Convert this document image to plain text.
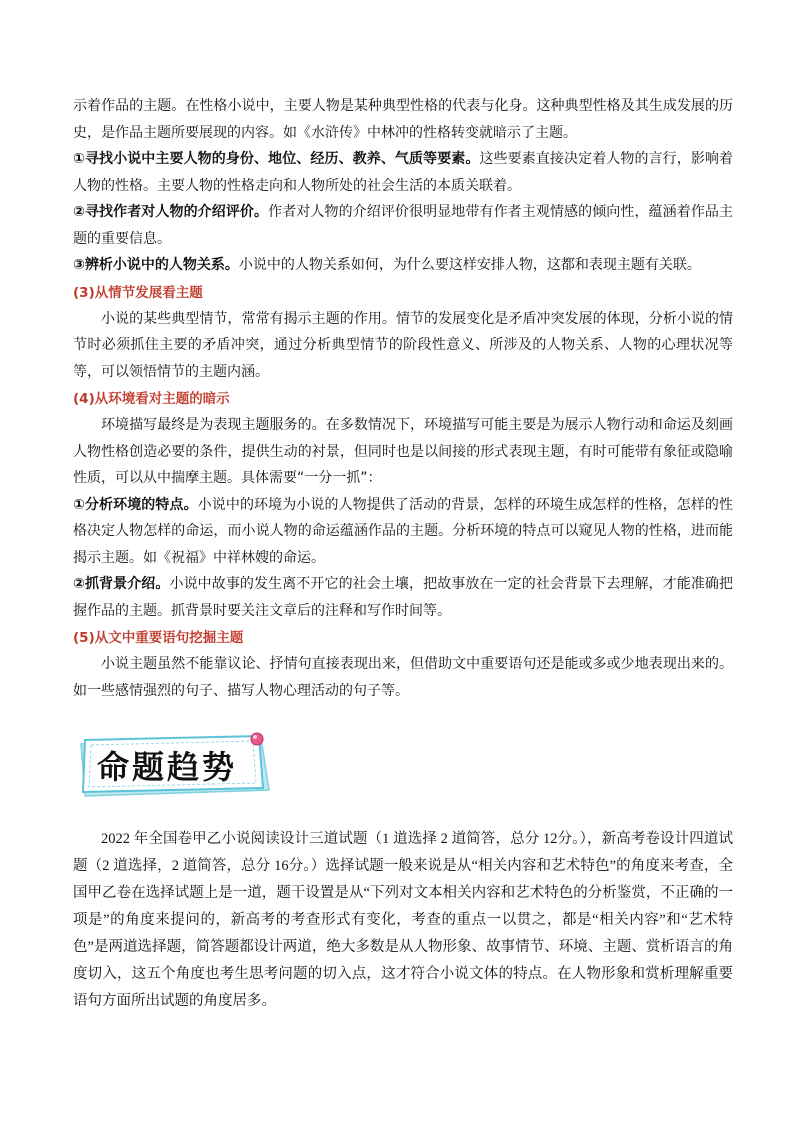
示着作品的主题。在性格小说中，主要人物是某种典型性格的代表与化身。这种典型性格及其生成发展的历史，是作品主题所要展现的内容。如《水浒传》中林冲的性格转变就暗示了主题。

①寻找小说中主要人物的身份、地位、经历、教养、气质等要素。这些要素直接决定着人物的言行，影响着人物的性格。主要人物的性格走向和人物所处的社会生活的本质关联着。

②寻找作者对人物的介绍评价。作者对人物的介绍评价很明显地带有作者主观情感的倾向性，蕴涵着作品主题的重要信息。

③辨析小说中的人物关系。小说中的人物关系如何，为什么要这样安排人物，这都和表现主题有关联。

(3)从情节发展看主题

小说的某些典型情节，常常有揭示主题的作用。情节的发展变化是矛盾冲突发展的体现，分析小说的情节时必须抓住主要的矛盾冲突，通过分析典型情节的阶段性意义、所涉及的人物关系、人物的心理状况等等，可以领悟情节的主题内涵。

(4)从环境看对主题的暗示

环境描写最终是为表现主题服务的。在多数情况下，环境描写可能主要是为展示人物行动和命运及刻画人物性格创造必要的条件，提供生动的衬景，但同时也是以间接的形式表现主题，有时可能带有象征或隐喻性质，可以从中揣摩主题。具体需要“一分一抓”：

①分析环境的特点。小说中的环境为小说的人物提供了活动的背景，怎样的环境生成怎样的性格，怎样的性格决定人物怎样的命运，而小说人物的命运蕴涵作品的主题。分析环境的特点可以窥见人物的性格，进而能揭示主题。如《祝福》中祥林嫂的命运。

②抓背景介绍。小说中故事的发生离不开它的社会土壤，把故事放在一定的社会背景下去理解，才能准确把握作品的主题。抓背景时要关注文章后的注释和写作时间等。

(5)从文中重要语句挖掘主题

小说主题虽然不能靠议论、抒情句直接表现出来，但借助文中重要语句还是能或多或少地表现出来的。如一些感情强烈的句子、描写人物心理活动的句子等。

命题趋势

2022 年全国卷甲乙小说阅读设计三道试题（1 道选择 2 道简答，总分 12分。），新高考卷设计四道试题（2 道选择，2 道简答，总分 16分。）选择试题一般来说是从“相关内容和艺术特色”的角度来考查，全国甲乙卷在选择试题上是一道，题干设置是从“下列对文本相关内容和艺术特色的分析鉴赏，不正确的一项是”的角度来提问的，新高考的考查形式有变化，考查的重点一以贯之，都是“相关内容”和“艺术特色”是两道选择题，简答题都设计两道，绝大多数是从人物形象、故事情节、环境、主题、赏析语言的角度切入，这五个角度也考生思考问题的切入点，这才符合小说文体的特点。在人物形象和赏析理解重要语句方面所出试题的角度居多。
